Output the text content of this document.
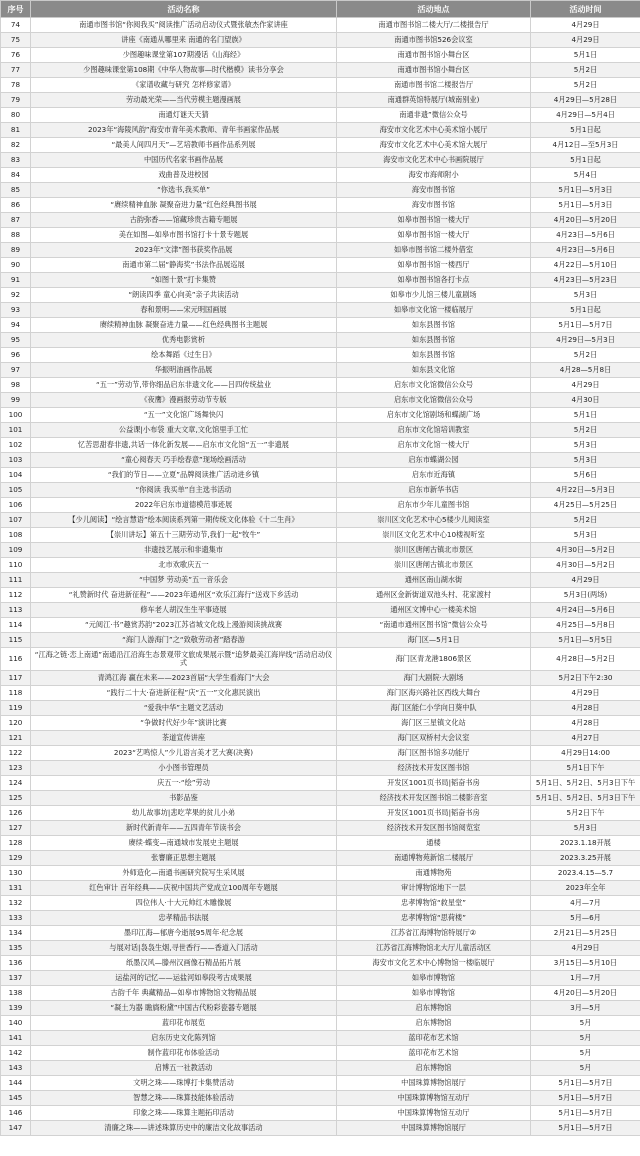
序号	活动名称	活动地点	活动时间
74	南通市图书馆“你阅我买”阅读推广活动启动仪式暨张敏杰作家讲座	南通市图书馆二楼大厅/二楼报告厅	4月29日
75	讲座《南通从哪里来 南通的名门望族》	南通市图书馆526会议室	4月29日
76	少图趣味课堂第107期漫话《山海经》	南通市图书馆小舞台区	5月1日
77	少图趣味课堂第108期《中华人物故事—时代楷模》读书分享会	南通市图书馆小舞台区	5月2日
78	《家谱收藏与研究 怎样修家谱》	南通市图书馆二楼报告厅	5月2日
79	劳动最光荣——当代劳模主题漫画展	南通群英馆特展厅(城南别业)	4月29日—5月28日
80	南通灯谜天天猜	南通非遗”微信公众号	4月29日—5月4日
81	2023年“海陵风韵”海安市青年美术教师、青年书画家作品展	海安市文化艺术中心美术馆小展厅	5月1日起
82	“最美人间四月天”—艺培教师书画作品系列展	海安市文化艺术中心美术馆大展厅	4月12日—至5月3日
83	中国历代名家书画作品展	海安市文化艺术中心书画院展厅	5月1日起
84	戏曲普及进校园	海安市海师附小	5月4日
85	“你选书,我买单”	海安市图书馆	5月1日—5月3日
86	“赓续精神血脉 凝聚奋进力量”红色经典图书展	海安市图书馆	5月1日—5月3日
87	古韵弥香——馆藏珍贵古籍专题展	如皋市图书馆一楼大厅	4月20日—5月20日
88	美在如图—如皋市图书馆打卡十景专题展	如皋市图书馆一楼大厅	4月23日—5月6日
89	2023年“文津”图书获奖作品展	如皋市图书馆二楼外借室	4月23日—5月6日
90	南通市第二届“静海奖”书法作品展巡展	如皋市图书馆一楼西厅	4月22日—5月10日
91	“如图十景”打卡集赞	如皋市图书馆各打卡点	4月23日—5月23日
92	“朗读四季 童心向美”亲子共读活动	如皋市少儿馆三楼儿童剧场	5月3日
93	春和景明——宋元明国画展	如皋市文化馆一楼临展厅	5月1日起
94	赓续精神血脉 凝聚奋进力量——红色经典图书主题展	如东县图书馆	5月1日—5月7日
95	优秀电影赏析	如东县图书馆	4月29日—5月3日
96	绘本舞蹈《过生日》	如东县图书馆	5月2日
97	华振明油画作品展	如东县文化馆	4月28—5月8日
98	“五一”劳动节,带你细品启东非遗文化——吕四传统盐业	启东市文化馆微信公众号	4月29日
99	《夜鹰》漫画报劳动节专版	启东市文化馆微信公众号	4月30日
100	“五一”文化馆广场舞快闪	启东市文化馆剧场和蝶湖广场	5月1日
101	公益课|小布袋 重大文章,文化馆里手工忙	启东市文化馆培训教室	5月2日
102	忆苦思甜春非遗,共话一体化新发展——启东市文化馆“五一”非遗展	启东市文化馆一楼大厅	5月3日
103	“童心阅春天 巧手绘春意”现场绘画活动	启东市蝶湖公园	5月3日
104	“我们的节日——立夏”品牌阅读推广活动进乡镇	启东市近海镇	5月6日
105	“你阅读 我买单”自主选书活动	启东市新华书店	4月22日—5月3日
106	2022年启东市道德模范事迹展	启东市少年儿童图书馆	4月25日—5月25日
107	【少儿阅读】“绘言慧语”绘本阅读系列第一期传统文化体验《十二生肖》	崇川区文化艺术中心5楼少儿阅读室	5月2日
108	【崇川讲坛】第五十三期劳动节,我们一起“牧牛”	崇川区文化艺术中心10楼视听室	5月3日
109	非遗技艺展示和非遗集市	崇川区唐闸古镇北市景区	4月30日—5月2日
110	北市欢歌庆五一	崇川区唐闸古镇北市景区	4月30日—5月2日
111	“中国梦 劳动美”五一音乐会	通州区南山湖水街	4月29日
112	“礼赞新时代 奋进新征程”——2023年通州区“欢乐江海行”送戏下乡活动	通州区金新街道双池头村、花家渡村	5月3日(两场)
113	修车老人胡汉生生平事迹展	通州区文博中心一楼美术馆	4月24日—5月6日
114	“元阅江·书”趣赏苏韵”2023江苏省城文化线上漫游阅读挑战赛	“南通市通州区图书馆”微信公众号	4月25日—5月8日
115	“海门人游海门”之“致敬劳动者”踏春游	海门区—5月1日	5月1日—5月5日
116	“江海之链·恋上南通”南通沿江沿海生态景观带文旅成果展示暨“追梦最美江海岸线”活动启动仪式	海门区青龙港1806景区	4月28日—5月2日
117	青鸿江海 赢在未来——2023首届“大学生看海门”大会	海门大剧院·大剧场	5月2日下午2:30
118	“践行二十大·奋进新征程”庆“五一”文化惠民演出	海门区海兴路社区西线大舞台	4月29日
119	“爱我中华”主题文艺活动	海门区能仁小学向日葵中队	4月28日
120	“争做时代好少年”演讲比赛	海门区三星镇文化站	4月28日
121	茶道宣传讲座	海门区双桥村大会议室	4月27日
122	2023“艺鸣惊人”少儿语言美才艺大赛(决赛)	海门区图书馆多功能厅	4月29日14:00
123	小小图书管理员	经济技术开发区图书馆	5月1日下午
124	庆五一·“绘”劳动	开发区1001页书局|韬奋书房	5月1日、5月2日、5月3日下午
125	书影品鉴	经济技术开发区图书馆二楼影音室	5月1日、5月2日、5月3日下午
126	幼儿故事坊|悲吃苹果的贫儿小弟	开发区1001页书局|韬奋书房	5月2日下午
127	新时代新青年——五四青年节读书会	经济技术开发区图书馆阅览室	5月3日
128	赓续·蝶变—南通城市发展史主题展	通楼	2023.1.18开展
129	张謇廉正思想主题展	南通博物苑新馆二楼展厅	2023.3.25开展
130	外师造化—南通书画研究院写生采风展	南通博物苑	2023.4.15—5.7
131	红色审计 百年经典——庆祝中国共产党成立100周年专题展	审计博物馆地下一层	2023年全年
132	四位伟人·十大元帅红木雕像展	忠孝博物馆“救星堂”	4月—7月
133	忠孝精品书法展	忠孝博物馆“思荷楼”	5月—6月
134	墨印江海—郁唐今逝展95周年·纪念展	江苏省江海博物馆特展厅②	2月21日—5月25日
135	与展对话|袅袅生烟,寻世香行——香道入门活动	江苏省江海博物馆北大厅儿童活动区	4月29日
136	纸墨汉风—滕州汉画像石精品拓片展	海安市文化艺术中心博物馆一楼临展厅	3月15日—5月10日
137	运盐河的记忆——运盐河如皋段考古成果展	如皋市博物馆	1月—7月
138	古韵千年 典藏精品—如皋市博物馆文物精品展	如皋市博物馆	4月20日—5月20日
139	“凝土为器 瞻旖粉黛”中国古代粉彩瓷器专题展	启东博物馆	3月—5月
140	蓝印花布展览	启东博物馆	5月
141	启东历史文化陈列馆	蓝印花布艺术馆	5月
142	制作蓝印花布体验活动	蓝印花布艺术馆	5月
143	启博五一社教活动	启东博物馆	5月
144	文明之珠——珠博打卡集赞活动	中国珠算博物馆展厅	5月1日—5月7日
145	智慧之珠——珠算技能体验活动	中国珠算博物馆互动厅	5月1日—5月7日
146	印象之珠——珠算主题拓印活动	中国珠算博物馆互动厅	5月1日—5月7日
147	清廉之珠——讲述珠算历史中的廉洁文化故事活动	中国珠算博物馆展厅	5月1日—5月7日
